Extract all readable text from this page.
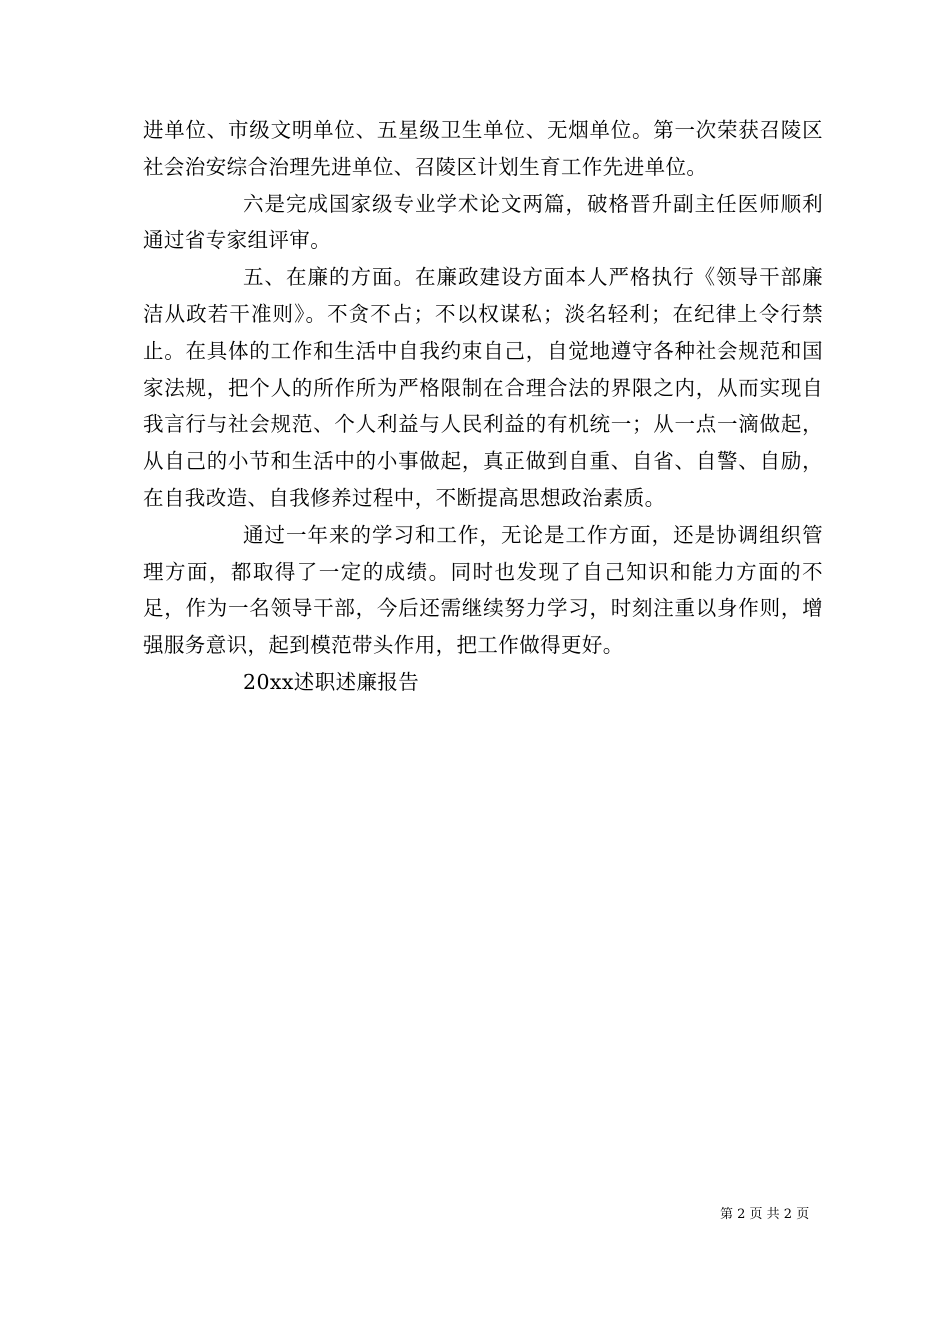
进单位、市级文明单位、五星级卫生单位、无烟单位。第一次荣获召陵区社会治安综合治理先进单位、召陵区计划生育工作先进单位。

六是完成国家级专业学术论文两篇，破格晋升副主任医师顺利通过省专家组评审。

五、在廉的方面。在廉政建设方面本人严格执行《领导干部廉洁从政若干准则》。不贪不占；不以权谋私；淡名轻利；在纪律上令行禁止。在具体的工作和生活中自我约束自己，自觉地遵守各种社会规范和国家法规，把个人的所作所为严格限制在合理合法的界限之内，从而实现自我言行与社会规范、个人利益与人民利益的有机统一；从一点一滴做起，从自己的小节和生活中的小事做起，真正做到自重、自省、自警、自励，在自我改造、自我修养过程中，不断提高思想政治素质。

通过一年来的学习和工作，无论是工作方面，还是协调组织管理方面，都取得了一定的成绩。同时也发现了自己知识和能力方面的不足，作为一名领导干部，今后还需继续努力学习，时刻注重以身作则，增强服务意识，起到模范带头作用，把工作做得更好。

20xx述职述廉报告

第 2 页 共 2 页
